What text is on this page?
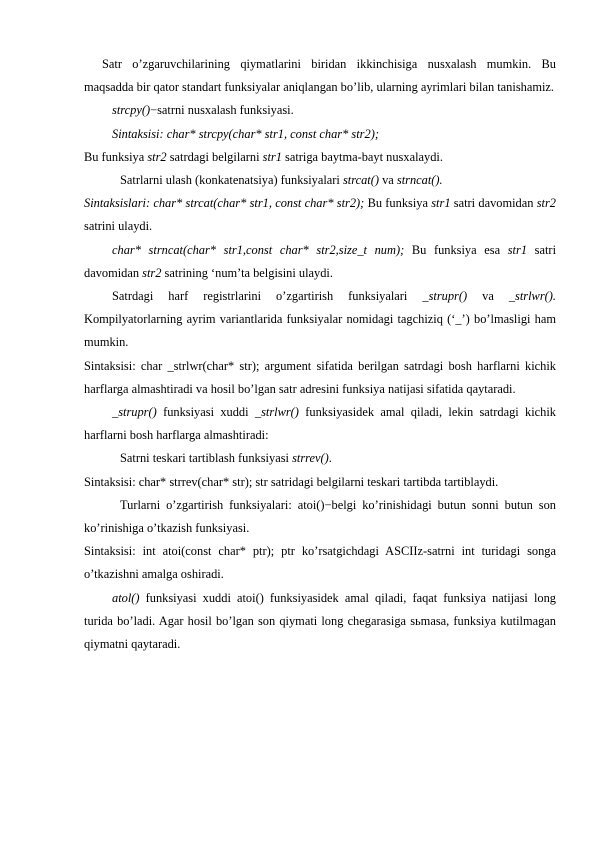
Satr o’zgaruvchilarining qiymatlarini biridan ikkinchisiga nusxalash mumkin. Bu maqsadda bir qator standart funksiyalar aniqlangan bo’lib, ularning ayrimlari bilan tanishamiz.

strcpy()−satrni nusxalash funksiyasi.

Sintaksisi: char* strcpy(char* str1, const char* str2);

Bu funksiya str2 satrdagi belgilarni str1 satriga baytma-bayt nusxalaydi.

Satrlarni ulash (konkatenatsiya) funksiyalari strcat() va strncat().

Sintaksislari: char* strcat(char* str1, const char* str2); Bu funksiya str1 satri davomidan str2 satrini ulaydi.

char* strncat(char* str1,const char* str2,size_t num); Bu funksiya esa str1 satri davomidan str2 satrining ‘num’ta belgisini ulaydi.

Satrdagi harf registrlarini o’zgartirish funksiyalari _strupr() va _strlwr(). Kompilyatorlarning ayrim variantlarida funksiyalar nomidagi tagchiziq (‘_’) bo’lmasligi ham mumkin.

Sintaksisi: char _strlwr(char* str); argument sifatida berilgan satrdagi bosh harflarni kichik harflarga almashtiradi va hosil bo’lgan satr adresini funksiya natijasi sifatida qaytaradi.

_strupr() funksiyasi xuddi _strlwr() funksiyasidek amal qiladi, lekin satrdagi kichik harflarni bosh harflarga almashtiradi:

Satrni teskari tartiblash funksiyasi strrev().

Sintaksisi: char* strrev(char* str); str satridagi belgilarni teskari tartibda tartiblaydi.

Turlarni o’zgartirish funksiyalari: atoi()−belgi ko’rinishidagi butun sonni butun son ko’rinishiga o’tkazish funksiyasi.

Sintaksisi: int atoi(const char* ptr); ptr ko’rsatgichdagi ASCIIz-satrni int turidagi songa o’tkazishni amalga oshiradi.

atol() funksiyasi xuddi atoi() funksiyasidek amal qiladi, faqat funksiya natijasi long turida bo’ladi. Agar hosil bo’lgan son qiymati long chegarasiga sьmasa, funksiya kutilmagan qiymatni qaytaradi.
